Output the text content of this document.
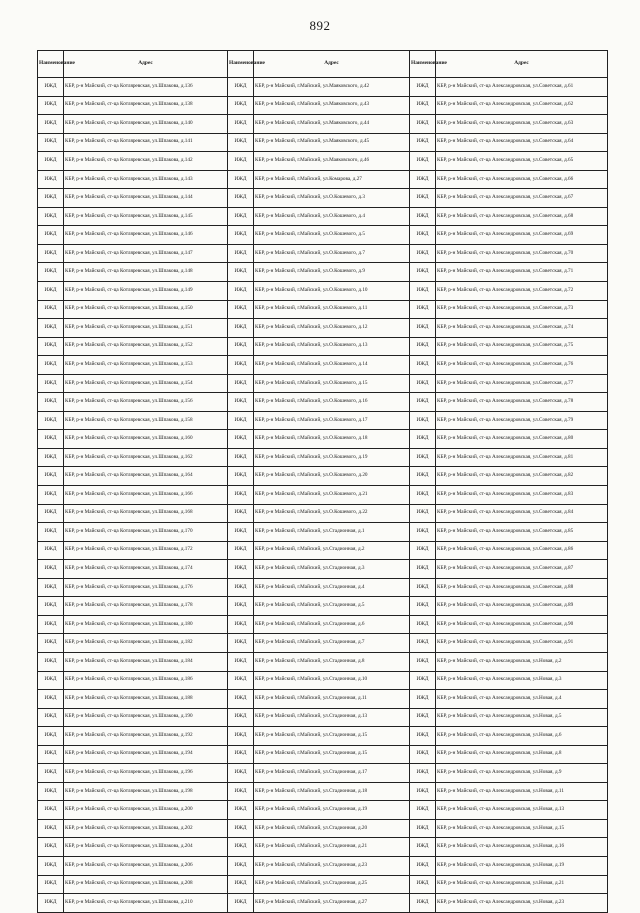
892
Наименование	Адрес	Наименование	Адрес	Наименование	Адрес
ИЖД	КБР, р-н Майский, ст-ца Котляревская, ул.Шпакова, д.136	ИЖД	КБР, р-н Майский, г.Майский, ул.Маяковского, д.42	ИЖД	КБР, р-н Майский, ст-ца Александровская, ул.Советская, д.61
ИЖД	КБР, р-н Майский, ст-ца Котляревская, ул.Шпакова, д.138	ИЖД	КБР, р-н Майский, г.Майский, ул.Маяковского, д.43	ИЖД	КБР, р-н Майский, ст-ца Александровская, ул.Советская, д.62
ИЖД	КБР, р-н Майский, ст-ца Котляревская, ул.Шпакова, д.140	ИЖД	КБР, р-н Майский, г.Майский, ул.Маяковского, д.44	ИЖД	КБР, р-н Майский, ст-ца Александровская, ул.Советская, д.63
ИЖД	КБР, р-н Майский, ст-ца Котляревская, ул.Шпакова, д.141	ИЖД	КБР, р-н Майский, г.Майский, ул.Маяковского, д.45	ИЖД	КБР, р-н Майский, ст-ца Александровская, ул.Советская, д.64
ИЖД	КБР, р-н Майский, ст-ца Котляревская, ул.Шпакова, д.142	ИЖД	КБР, р-н Майский, г.Майский, ул.Маяковского, д.46	ИЖД	КБР, р-н Майский, ст-ца Александровская, ул.Советская, д.65
ИЖД	КБР, р-н Майский, ст-ца Котляревская, ул.Шпакова, д.143	ИЖД	КБР, р-н Майский, г.Майский, ул.Комарова, д.27	ИЖД	КБР, р-н Майский, ст-ца Александровская, ул.Советская, д.66
ИЖД	КБР, р-н Майский, ст-ца Котляревская, ул.Шпакова, д.144	ИЖД	КБР, р-н Майский, г.Майский, ул.О.Кошевого, д.3	ИЖД	КБР, р-н Майский, ст-ца Александровская, ул.Советская, д.67
ИЖД	КБР, р-н Майский, ст-ца Котляревская, ул.Шпакова, д.145	ИЖД	КБР, р-н Майский, г.Майский, ул.О.Кошевого, д.4	ИЖД	КБР, р-н Майский, ст-ца Александровская, ул.Советская, д.68
ИЖД	КБР, р-н Майский, ст-ца Котляревская, ул.Шпакова, д.146	ИЖД	КБР, р-н Майский, г.Майский, ул.О.Кошевого, д.5	ИЖД	КБР, р-н Майский, ст-ца Александровская, ул.Советская, д.69
ИЖД	КБР, р-н Майский, ст-ца Котляревская, ул.Шпакова, д.147	ИЖД	КБР, р-н Майский, г.Майский, ул.О.Кошевого, д.7	ИЖД	КБР, р-н Майский, ст-ца Александровская, ул.Советская, д.70
ИЖД	КБР, р-н Майский, ст-ца Котляревская, ул.Шпакова, д.148	ИЖД	КБР, р-н Майский, г.Майский, ул.О.Кошевого, д.9	ИЖД	КБР, р-н Майский, ст-ца Александровская, ул.Советская, д.71
ИЖД	КБР, р-н Майский, ст-ца Котляревская, ул.Шпакова, д.149	ИЖД	КБР, р-н Майский, г.Майский, ул.О.Кошевого, д.10	ИЖД	КБР, р-н Майский, ст-ца Александровская, ул.Советская, д.72
ИЖД	КБР, р-н Майский, ст-ца Котляревская, ул.Шпакова, д.150	ИЖД	КБР, р-н Майский, г.Майский, ул.О.Кошевого, д.11	ИЖД	КБР, р-н Майский, ст-ца Александровская, ул.Советская, д.73
ИЖД	КБР, р-н Майский, ст-ца Котляревская, ул.Шпакова, д.151	ИЖД	КБР, р-н Майский, г.Майский, ул.О.Кошевого, д.12	ИЖД	КБР, р-н Майский, ст-ца Александровская, ул.Советская, д.74
ИЖД	КБР, р-н Майский, ст-ца Котляревская, ул.Шпакова, д.152	ИЖД	КБР, р-н Майский, г.Майский, ул.О.Кошевого, д.13	ИЖД	КБР, р-н Майский, ст-ца Александровская, ул.Советская, д.75
ИЖД	КБР, р-н Майский, ст-ца Котляревская, ул.Шпакова, д.153	ИЖД	КБР, р-н Майский, г.Майский, ул.О.Кошевого, д.14	ИЖД	КБР, р-н Майский, ст-ца Александровская, ул.Советская, д.76
ИЖД	КБР, р-н Майский, ст-ца Котляревская, ул.Шпакова, д.154	ИЖД	КБР, р-н Майский, г.Майский, ул.О.Кошевого, д.15	ИЖД	КБР, р-н Майский, ст-ца Александровская, ул.Советская, д.77
ИЖД	КБР, р-н Майский, ст-ца Котляревская, ул.Шпакова, д.156	ИЖД	КБР, р-н Майский, г.Майский, ул.О.Кошевого, д.16	ИЖД	КБР, р-н Майский, ст-ца Александровская, ул.Советская, д.78
ИЖД	КБР, р-н Майский, ст-ца Котляревская, ул.Шпакова, д.158	ИЖД	КБР, р-н Майский, г.Майский, ул.О.Кошевого, д.17	ИЖД	КБР, р-н Майский, ст-ца Александровская, ул.Советская, д.79
ИЖД	КБР, р-н Майский, ст-ца Котляревская, ул.Шпакова, д.160	ИЖД	КБР, р-н Майский, г.Майский, ул.О.Кошевого, д.18	ИЖД	КБР, р-н Майский, ст-ца Александровская, ул.Советская, д.80
ИЖД	КБР, р-н Майский, ст-ца Котляревская, ул.Шпакова, д.162	ИЖД	КБР, р-н Майский, г.Майский, ул.О.Кошевого, д.19	ИЖД	КБР, р-н Майский, ст-ца Александровская, ул.Советская, д.81
ИЖД	КБР, р-н Майский, ст-ца Котляревская, ул.Шпакова, д.164	ИЖД	КБР, р-н Майский, г.Майский, ул.О.Кошевого, д.20	ИЖД	КБР, р-н Майский, ст-ца Александровская, ул.Советская, д.82
ИЖД	КБР, р-н Майский, ст-ца Котляревская, ул.Шпакова, д.166	ИЖД	КБР, р-н Майский, г.Майский, ул.О.Кошевого, д.21	ИЖД	КБР, р-н Майский, ст-ца Александровская, ул.Советская, д.83
ИЖД	КБР, р-н Майский, ст-ца Котляревская, ул.Шпакова, д.168	ИЖД	КБР, р-н Майский, г.Майский, ул.О.Кошевого, д.22	ИЖД	КБР, р-н Майский, ст-ца Александровская, ул.Советская, д.84
ИЖД	КБР, р-н Майский, ст-ца Котляревская, ул.Шпакова, д.170	ИЖД	КБР, р-н Майский, г.Майский, ул.Стадионная, д.1	ИЖД	КБР, р-н Майский, ст-ца Александровская, ул.Советская, д.85
ИЖД	КБР, р-н Майский, ст-ца Котляревская, ул.Шпакова, д.172	ИЖД	КБР, р-н Майский, г.Майский, ул.Стадионная, д.2	ИЖД	КБР, р-н Майский, ст-ца Александровская, ул.Советская, д.86
ИЖД	КБР, р-н Майский, ст-ца Котляревская, ул.Шпакова, д.174	ИЖД	КБР, р-н Майский, г.Майский, ул.Стадионная, д.3	ИЖД	КБР, р-н Майский, ст-ца Александровская, ул.Советская, д.87
ИЖД	КБР, р-н Майский, ст-ца Котляревская, ул.Шпакова, д.176	ИЖД	КБР, р-н Майский, г.Майский, ул.Стадионная, д.4	ИЖД	КБР, р-н Майский, ст-ца Александровская, ул.Советская, д.88
ИЖД	КБР, р-н Майский, ст-ца Котляревская, ул.Шпакова, д.178	ИЖД	КБР, р-н Майский, г.Майский, ул.Стадионная, д.5	ИЖД	КБР, р-н Майский, ст-ца Александровская, ул.Советская, д.89
ИЖД	КБР, р-н Майский, ст-ца Котляревская, ул.Шпакова, д.180	ИЖД	КБР, р-н Майский, г.Майский, ул.Стадионная, д.6	ИЖД	КБР, р-н Майский, ст-ца Александровская, ул.Советская, д.90
ИЖД	КБР, р-н Майский, ст-ца Котляревская, ул.Шпакова, д.182	ИЖД	КБР, р-н Майский, г.Майский, ул.Стадионная, д.7	ИЖД	КБР, р-н Майский, ст-ца Александровская, ул.Советская, д.91
ИЖД	КБР, р-н Майский, ст-ца Котляревская, ул.Шпакова, д.184	ИЖД	КБР, р-н Майский, г.Майский, ул.Стадионная, д.8	ИЖД	КБР, р-н Майский, ст-ца Александровская, ул.Новая, д.2
ИЖД	КБР, р-н Майский, ст-ца Котляревская, ул.Шпакова, д.186	ИЖД	КБР, р-н Майский, г.Майский, ул.Стадионная, д.10	ИЖД	КБР, р-н Майский, ст-ца Александровская, ул.Новая, д.3
ИЖД	КБР, р-н Майский, ст-ца Котляревская, ул.Шпакова, д.188	ИЖД	КБР, р-н Майский, г.Майский, ул.Стадионная, д.11	ИЖД	КБР, р-н Майский, ст-ца Александровская, ул.Новая, д.4
ИЖД	КБР, р-н Майский, ст-ца Котляревская, ул.Шпакова, д.190	ИЖД	КБР, р-н Майский, г.Майский, ул.Стадионная, д.13	ИЖД	КБР, р-н Майский, ст-ца Александровская, ул.Новая, д.5
ИЖД	КБР, р-н Майский, ст-ца Котляревская, ул.Шпакова, д.192	ИЖД	КБР, р-н Майский, г.Майский, ул.Стадионная, д.15	ИЖД	КБР, р-н Майский, ст-ца Александровская, ул.Новая, д.6
ИЖД	КБР, р-н Майский, ст-ца Котляревская, ул.Шпакова, д.194	ИЖД	КБР, р-н Майский, г.Майский, ул.Стадионная, д.15	ИЖД	КБР, р-н Майский, ст-ца Александровская, ул.Новая, д.8
ИЖД	КБР, р-н Майский, ст-ца Котляревская, ул.Шпакова, д.196	ИЖД	КБР, р-н Майский, г.Майский, ул.Стадионная, д.17	ИЖД	КБР, р-н Майский, ст-ца Александровская, ул.Новая, д.9
ИЖД	КБР, р-н Майский, ст-ца Котляревская, ул.Шпакова, д.198	ИЖД	КБР, р-н Майский, г.Майский, ул.Стадионная, д.18	ИЖД	КБР, р-н Майский, ст-ца Александровская, ул.Новая, д.11
ИЖД	КБР, р-н Майский, ст-ца Котляревская, ул.Шпакова, д.200	ИЖД	КБР, р-н Майский, г.Майский, ул.Стадионная, д.19	ИЖД	КБР, р-н Майский, ст-ца Александровская, ул.Новая, д.13
ИЖД	КБР, р-н Майский, ст-ца Котляревская, ул.Шпакова, д.202	ИЖД	КБР, р-н Майский, г.Майский, ул.Стадионная, д.20	ИЖД	КБР, р-н Майский, ст-ца Александровская, ул.Новая, д.15
ИЖД	КБР, р-н Майский, ст-ца Котляревская, ул.Шпакова, д.204	ИЖД	КБР, р-н Майский, г.Майский, ул.Стадионная, д.21	ИЖД	КБР, р-н Майский, ст-ца Александровская, ул.Новая, д.16
ИЖД	КБР, р-н Майский, ст-ца Котляревская, ул.Шпакова, д.206	ИЖД	КБР, р-н Майский, г.Майский, ул.Стадионная, д.23	ИЖД	КБР, р-н Майский, ст-ца Александровская, ул.Новая, д.19
ИЖД	КБР, р-н Майский, ст-ца Котляревская, ул.Шпакова, д.208	ИЖД	КБР, р-н Майский, г.Майский, ул.Стадионная, д.25	ИЖД	КБР, р-н Майский, ст-ца Александровская, ул.Новая, д.21
ИЖД	КБР, р-н Майский, ст-ца Котляревская, ул.Шпакова, д.210	ИЖД	КБР, р-н Майский, г.Майский, ул.Стадионная, д.27	ИЖД	КБР, р-н Майский, ст-ца Александровская, ул.Новая, д.23
